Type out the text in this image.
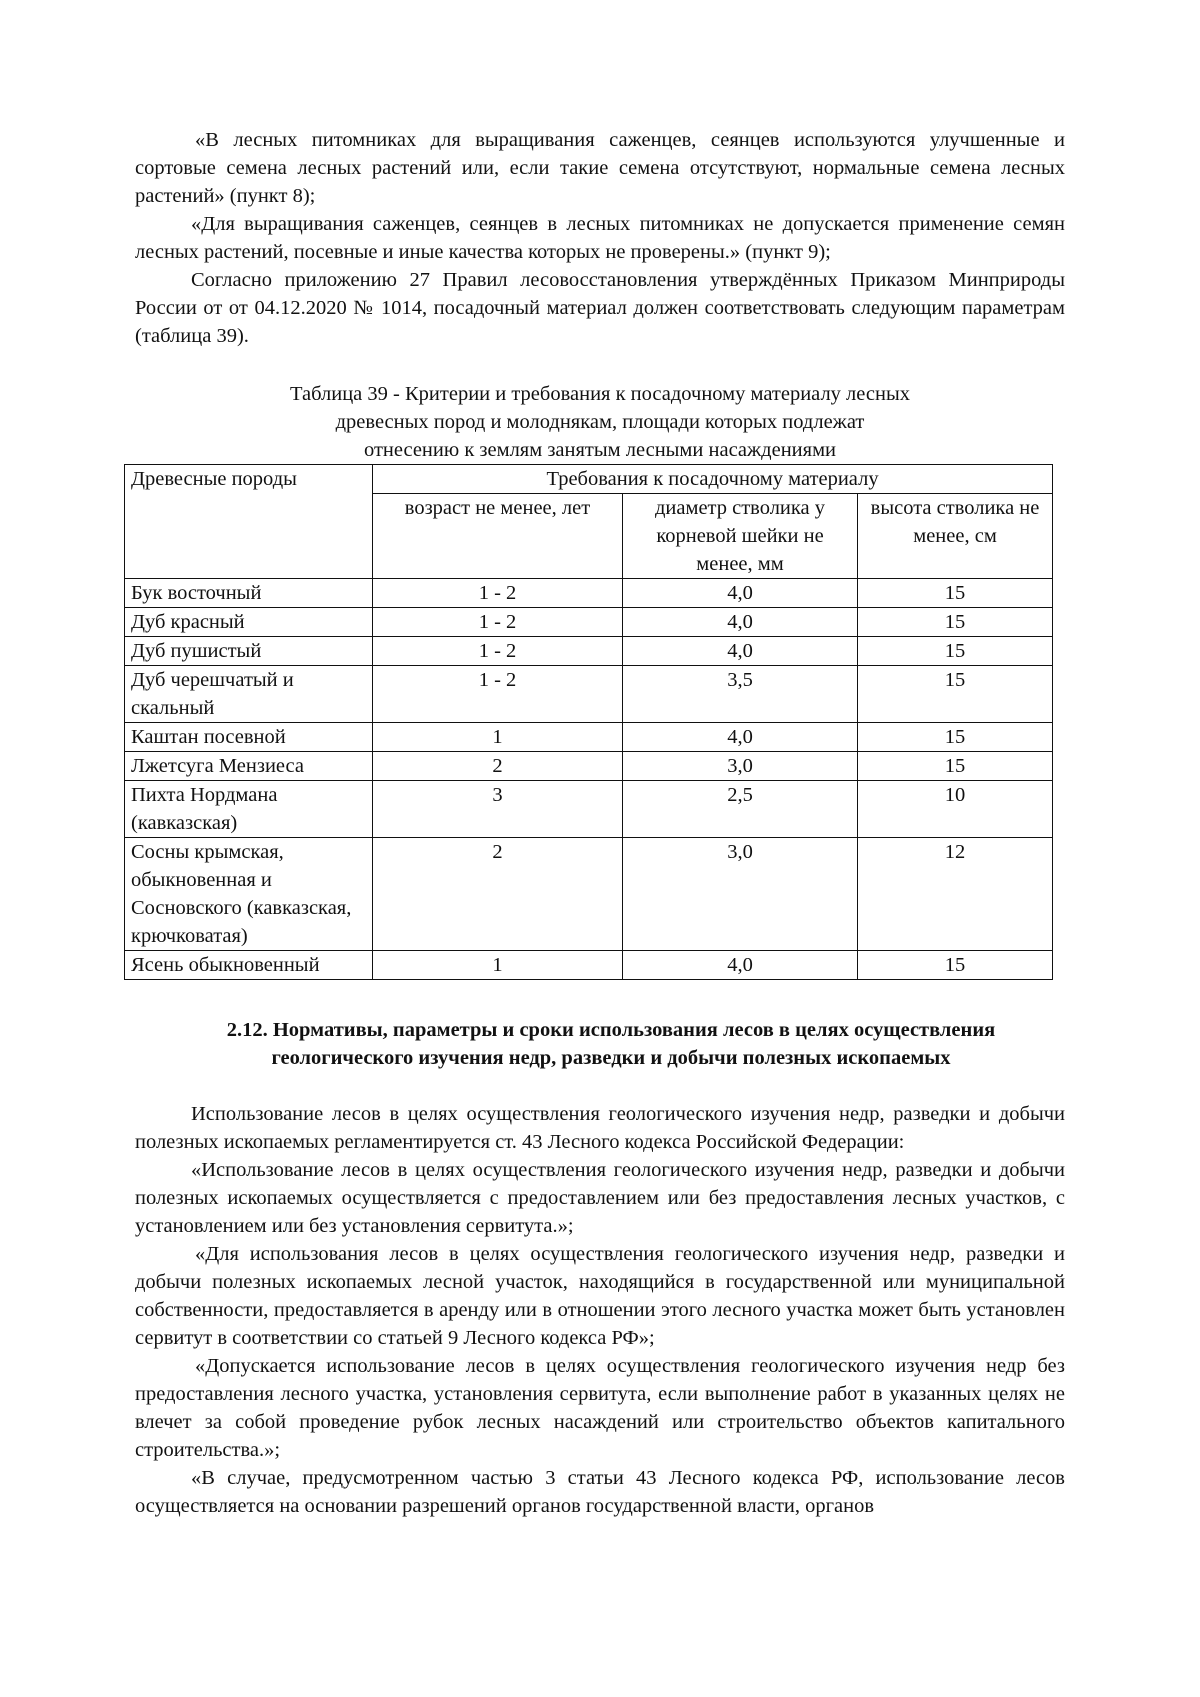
«В лесных питомниках для выращивания саженцев, сеянцев используются улучшенные и сортовые семена лесных растений или, если такие семена отсутствуют, нормальные семена лесных растений» (пункт 8);

«Для выращивания саженцев, сеянцев в лесных питомниках не допускается применение семян лесных растений, посевные и иные качества которых не проверены.» (пункт 9);

Согласно приложению 27 Правил лесовосстановления утверждённых Приказом Минприроды России от от 04.12.2020 № 1014, посадочный материал должен соответствовать следующим параметрам (таблица 39).

Таблица 39 - Критерии и требования к посадочному материалу лесных
древесных пород и молоднякам, площади которых подлежат
отнесению к землям занятым лесными насаждениями
Древесные породы	Требования к посадочному материалу		
	возраст не менее, лет	диаметр стволика у корневой шейки не менее, мм	высота стволика не менее, см
Бук восточный	1 - 2	4,0	15
Дуб красный	1 - 2	4,0	15
Дуб пушистый	1 - 2	4,0	15
Дуб черешчатый и скальный	1 - 2	3,5	15
Каштан посевной	1	4,0	15
Лжетсуга Мензиеса	2	3,0	15
Пихта Нордмана (кавказская)	3	2,5	10
Сосны крымская, обыкновенная и Сосновского (кавказская, крючковатая)	2	3,0	12
Ясень обыкновенный	1	4,0	15
2.12. Нормативы, параметры и сроки использования лесов в целях осуществления
геологического изучения недр, разведки и добычи полезных ископаемых

Использование лесов в целях осуществления геологического изучения недр, разведки и добычи полезных ископаемых регламентируется ст. 43 Лесного кодекса Российской Федерации:

«Использование лесов в целях осуществления геологического изучения недр, разведки и добычи полезных ископаемых осуществляется с предоставлением или без предоставления лесных участков, с установлением или без установления сервитута.»;

«Для использования лесов в целях осуществления геологического изучения недр, разведки и добычи полезных ископаемых лесной участок, находящийся в государственной или муниципальной собственности, предоставляется в аренду или в отношении этого лесного участка может быть установлен сервитут в соответствии со статьей 9 Лесного кодекса РФ»;

«Допускается использование лесов в целях осуществления геологического изучения недр без предоставления лесного участка, установления сервитута, если выполнение работ в указанных целях не влечет за собой проведение рубок лесных насаждений или строительство объектов капитального строительства.»;

«В случае, предусмотренном частью 3 статьи 43 Лесного кодекса РФ, использование лесов осуществляется на основании разрешений органов государственной власти, органов
